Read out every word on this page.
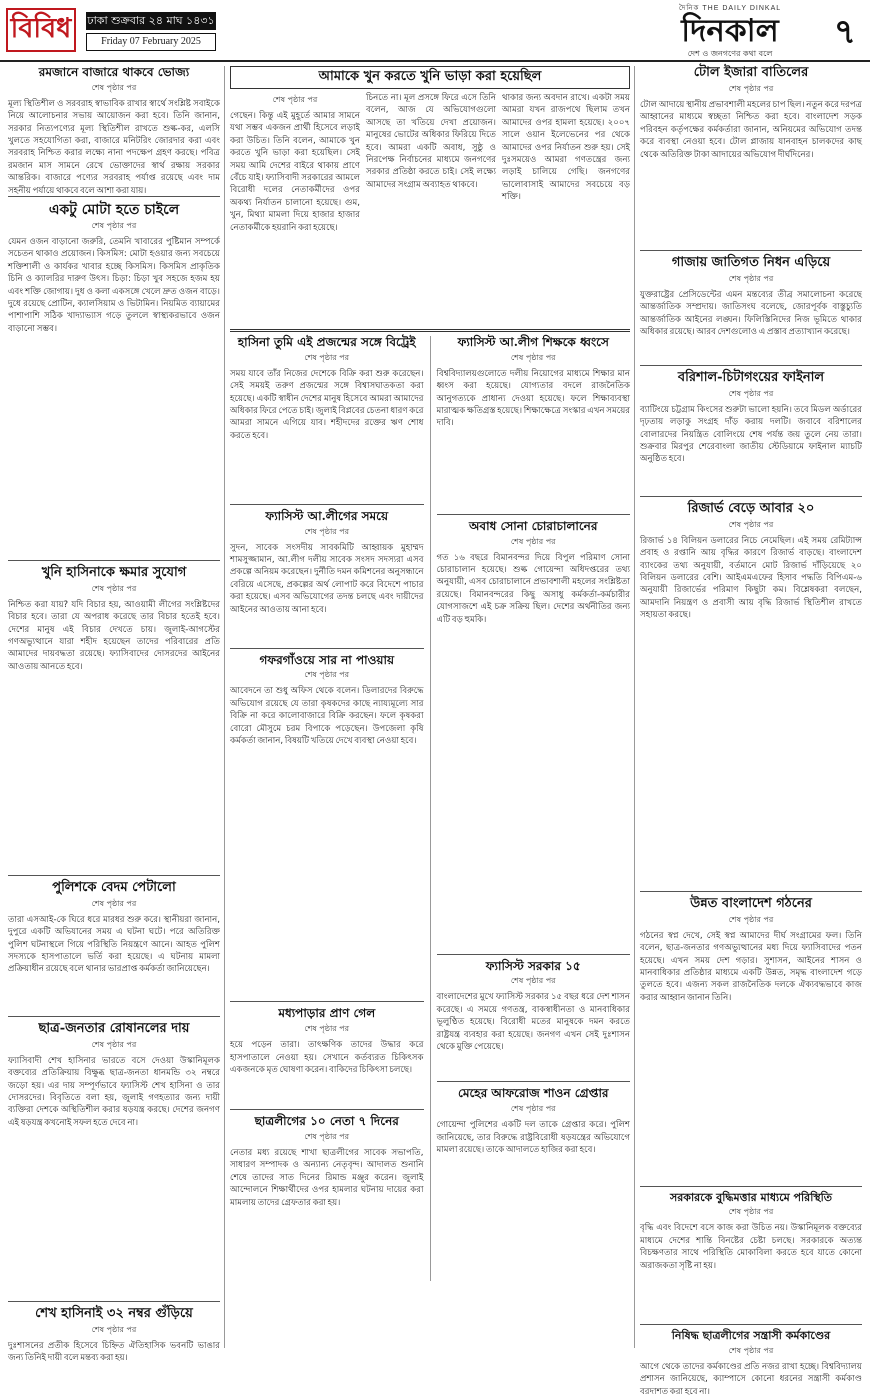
বিবিধ	ঢাকা শুক্রবার ২৪ মাঘ ১৪৩১
Friday 07 February 2025
দৈনিক THE DAILY DINKAL
দিনকাল
দেশ ও জনগণের কথা বলে
৭
রমজানে বাজারে থাকবে ভোজ্য
শেষ পৃষ্ঠার পর
মূল্য স্থিতিশীল ও সরবরাহ স্বাভাবিক রাখার স্বার্থে সংশ্লিষ্ট সবাইকে নিয়ে আলোচনার সভায় আয়োজন করা হবে। তিনি জানান, সরকার নিত্যপণ্যের মূল্য স্থিতিশীল রাখতে শুল্ক-কর, এলসি খুলতে সহযোগিতা করা, বাজারে মনিটরিং জোরদার করা এবং সরবরাহ নিশ্চিত করার লক্ষ্যে নানা পদক্ষেপ গ্রহণ করছে। পবিত্র রমজান মাস সামনে রেখে ভোক্তাদের স্বার্থ রক্ষায় সরকার আন্তরিক। বাজারে পণ্যের সরবরাহ পর্যাপ্ত রয়েছে এবং দাম সহনীয় পর্যায়ে থাকবে বলে আশা করা যায়।
একটু মোটা হতে চাইলে
শেষ পৃষ্ঠার পর
যেমন ওজন বাড়ানো জরুরি, তেমনি খাবারের পুষ্টিমান সম্পর্কে সচেতন থাকাও প্রয়োজন। কিসমিস: মোটা হওয়ার জন্য সবচেয়ে শক্তিশালী ও কার্যকর খাবার হচ্ছে কিসমিস। কিসমিস প্রাকৃতিক চিনি ও ক্যালরির দারুণ উৎস। চিড়া: চিড়া খুব সহজে হজম হয় এবং শক্তি জোগায়। দুধ ও কলা একসঙ্গে খেলে দ্রুত ওজন বাড়ে। দুধে রয়েছে প্রোটিন, ক্যালসিয়াম ও ভিটামিন। নিয়মিত ব্যায়ামের পাশাপাশি সঠিক খাদ্যাভ্যাস গড়ে তুললে স্বাস্থ্যকরভাবে ওজন বাড়ানো সম্ভব।
খুনি হাসিনাকে ক্ষমার সুযোগ
শেষ পৃষ্ঠার পর
নিশ্চিত করা যায়? যদি বিচার হয়, আওয়ামী লীগের সংশ্লিষ্টদের বিচার হবে। তারা যে অপরাধ করেছে তার বিচার হতেই হবে। দেশের মানুষ এই বিচার দেখতে চায়। জুলাই-আগস্টের গণঅভ্যুত্থানে যারা শহীদ হয়েছেন তাদের পরিবারের প্রতি আমাদের দায়বদ্ধতা রয়েছে। ফ্যাসিবাদের দোসরদের আইনের আওতায় আনতে হবে।
পুলিশকে বেদম পেটালো
শেষ পৃষ্ঠার পর
তারা এসআই-কে ঘিরে ধরে মারধর শুরু করে। স্থানীয়রা জানান, দুপুরে একটি অভিযানের সময় এ ঘটনা ঘটে। পরে অতিরিক্ত পুলিশ ঘটনাস্থলে গিয়ে পরিস্থিতি নিয়ন্ত্রণে আনে। আহত পুলিশ সদস্যকে হাসপাতালে ভর্তি করা হয়েছে। এ ঘটনায় মামলা প্রক্রিয়াধীন রয়েছে বলে থানার ভারপ্রাপ্ত কর্মকর্তা জানিয়েছেন।
ছাত্র-জনতার রোষানলের দায়
শেষ পৃষ্ঠার পর
ফ্যাসিবাদী শেখ হাসিনার ভারতে বসে দেওয়া উস্কানিমূলক বক্তব্যের প্রতিক্রিয়ায় বিক্ষুব্ধ ছাত্র-জনতা ধানমন্ডি ৩২ নম্বরে জড়ো হয়। এর দায় সম্পূর্ণভাবে ফ্যাসিস্ট শেখ হাসিনা ও তার দোসরদের। বিবৃতিতে বলা হয়, জুলাই গণহত্যার জন্য দায়ী ব্যক্তিরা দেশকে অস্থিতিশীল করার ষড়যন্ত্র করছে। দেশের জনগণ এই ষড়যন্ত্র কখনোই সফল হতে দেবে না।
শেখ হাসিনাই ৩২ নম্বর গুঁড়িয়ে
শেষ পৃষ্ঠার পর
দুঃশাসনের প্রতীক হিসেবে চিহ্নিত ঐতিহাসিক ভবনটি ভাঙার জন্য তিনিই দায়ী বলে মন্তব্য করা হয়।
আমাকে খুন করতে খুনি ভাড়া করা হয়েছিল
শেষ পৃষ্ঠার পর
গেছেন। কিন্তু এই মুহূর্তে আমার সামনে যথা সম্ভব একজন প্রার্থী হিসেবে লড়াই করা উচিত। তিনি বলেন, আমাকে খুন করতে খুনি ভাড়া করা হয়েছিল। সেই সময় আমি দেশের বাইরে থাকায় প্রাণে বেঁচে যাই। ফ্যাসিবাদী সরকারের আমলে বিরোধী দলের নেতাকর্মীদের ওপর অকথ্য নির্যাতন চালানো হয়েছে। গুম, খুন, মিথ্যা মামলা দিয়ে হাজার হাজার নেতাকর্মীকে হয়রানি করা হয়েছে।
চিনতে না। মূল প্রসঙ্গে ফিরে এসে তিনি বলেন, আজ যে অভিযোগগুলো আসছে তা খতিয়ে দেখা প্রয়োজন। মানুষের ভোটের অধিকার ফিরিয়ে দিতে হবে। আমরা একটি অবাধ, সুষ্ঠু ও নিরপেক্ষ নির্বাচনের মাধ্যমে জনগণের সরকার প্রতিষ্ঠা করতে চাই। সেই লক্ষ্যে আমাদের সংগ্রাম অব্যাহত থাকবে।
থাকার জন্য অবদান রাখে। একটা সময় আমরা যখন রাজপথে ছিলাম তখন আমাদের ওপর হামলা হয়েছে। ২০০৭ সালে ওয়ান ইলেভেনের পর থেকে আমাদের ওপর নির্যাতন শুরু হয়। সেই দুঃসময়েও আমরা গণতন্ত্রের জন্য লড়াই চালিয়ে গেছি। জনগণের ভালোবাসাই আমাদের সবচেয়ে বড় শক্তি।
হাসিনা তুমি এই প্রজন্মের সঙ্গে বিট্রেই
শেষ পৃষ্ঠার পর
সময় যাবে তাঁর নিজের দেশেকে বিক্রি করা শুরু করেছেন। সেই সময়ই তরুণ প্রজন্মের সঙ্গে বিশ্বাসঘাতকতা করা হয়েছে। একটি স্বাধীন দেশের মানুষ হিসেবে আমরা আমাদের অধিকার ফিরে পেতে চাই। জুলাই বিপ্লবের চেতনা ধারণ করে আমরা সামনে এগিয়ে যাব। শহীদদের রক্তের ঋণ শোধ করতে হবে।
ফ্যাসিস্ট আ.লীগের সময়ে
শেষ পৃষ্ঠার পর
সুদন, সাবেক সংসদীয় সাবকমিটি আহ্বায়ক মুহাম্মদ শামসুজ্জামান, আ.লীগ দলীয় সাবেক সংসদ সদস্যরা এসব প্রকল্পে অনিয়ম করেছেন। দুর্নীতি দমন কমিশনের অনুসন্ধানে বেরিয়ে এসেছে, প্রকল্পের অর্থ লোপাট করে বিদেশে পাচার করা হয়েছে। এসব অভিযোগের তদন্ত চলছে এবং দায়ীদের আইনের আওতায় আনা হবে।
গফরগাঁওয়ে সার না পাওয়ায়
শেষ পৃষ্ঠার পর
আবেদনে তা শুধু অফিস থেকে বলেন। ডিলারদের বিরুদ্ধে অভিযোগ রয়েছে যে তারা কৃষকদের কাছে ন্যায্যমূল্যে সার বিক্রি না করে কালোবাজারে বিক্রি করছেন। ফলে কৃষকরা বোরো মৌসুমে চরম বিপাকে পড়েছেন। উপজেলা কৃষি কর্মকর্তা জানান, বিষয়টি খতিয়ে দেখে ব্যবস্থা নেওয়া হবে।
মধ্যপাড়ার প্রাণ গেল
শেষ পৃষ্ঠার পর
হয়ে পড়েন তারা। তাৎক্ষণিক তাদের উদ্ধার করে হাসপাতালে নেওয়া হয়। সেখানে কর্তব্যরত চিকিৎসক একজনকে মৃত ঘোষণা করেন। বাকিদের চিকিৎসা চলছে।
ছাত্রলীগের ১০ নেতা ৭ দিনের
শেষ পৃষ্ঠার পর
নেতার মধ্য রয়েছে শাখা ছাত্রলীগের সাবেক সভাপতি, সাধারণ সম্পাদক ও অন্যান্য নেতৃবৃন্দ। আদালত শুনানি শেষে তাদের সাত দিনের রিমান্ড মঞ্জুর করেন। জুলাই আন্দোলনে শিক্ষার্থীদের ওপর হামলার ঘটনায় দায়ের করা মামলায় তাদের গ্রেফতার করা হয়।
ফ্যাসিস্ট আ.লীগ শিক্ষকে ধ্বংসে
শেষ পৃষ্ঠার পর
বিশ্ববিদ্যালয়গুলোতে দলীয় নিয়োগের মাধ্যমে শিক্ষার মান ধ্বংস করা হয়েছে। যোগ্যতার বদলে রাজনৈতিক আনুগত্যকে প্রাধান্য দেওয়া হয়েছে। ফলে শিক্ষাব্যবস্থা মারাত্মক ক্ষতিগ্রস্ত হয়েছে। শিক্ষাক্ষেত্রে সংস্কার এখন সময়ের দাবি।
অবাধ সোনা চোরাচালানের
শেষ পৃষ্ঠার পর
গত ১৬ বছরে বিমানবন্দর দিয়ে বিপুল পরিমাণ সোনা চোরাচালান হয়েছে। শুল্ক গোয়েন্দা অধিদপ্তরের তথ্য অনুযায়ী, এসব চোরাচালানে প্রভাবশালী মহলের সংশ্লিষ্টতা রয়েছে। বিমানবন্দরের কিছু অসাধু কর্মকর্তা-কর্মচারীর যোগসাজশে এই চক্র সক্রিয় ছিল। দেশের অর্থনীতির জন্য এটি বড় হুমকি।
ফ্যাসিস্ট সরকার ১৫
শেষ পৃষ্ঠার পর
বাংলাদেশের মুখে ফ্যাসিস্ট সরকার ১৫ বছর ধরে দেশ শাসন করেছে। এ সময়ে গণতন্ত্র, বাকস্বাধীনতা ও মানবাধিকার ভূলুণ্ঠিত হয়েছে। বিরোধী মতের মানুষকে দমন করতে রাষ্ট্রযন্ত্র ব্যবহার করা হয়েছে। জনগণ এখন সেই দুঃশাসন থেকে মুক্তি পেয়েছে।
মেহের আফরোজ শাওন গ্রেপ্তার
শেষ পৃষ্ঠার পর
গোয়েন্দা পুলিশের একটি দল তাকে গ্রেপ্তার করে। পুলিশ জানিয়েছে, তার বিরুদ্ধে রাষ্ট্রবিরোধী ষড়যন্ত্রের অভিযোগে মামলা রয়েছে। তাকে আদালতে হাজির করা হবে।
টোল ইজারা বাতিলের
শেষ পৃষ্ঠার পর
টোল আদায়ে স্থানীয় প্রভাবশালী মহলের চাপ ছিল। নতুন করে দরপত্র আহ্বানের মাধ্যমে স্বচ্ছতা নিশ্চিত করা হবে। বাংলাদেশ সড়ক পরিবহন কর্তৃপক্ষের কর্মকর্তারা জানান, অনিয়মের অভিযোগ তদন্ত করে ব্যবস্থা নেওয়া হবে। টোল প্লাজায় যানবাহন চালকদের কাছ থেকে অতিরিক্ত টাকা আদায়ের অভিযোগ দীর্ঘদিনের।
গাজায় জাতিগত নিধন এড়িয়ে
শেষ পৃষ্ঠার পর
যুক্তরাষ্ট্রের প্রেসিডেন্টের এমন মন্তব্যের তীব্র সমালোচনা করেছে আন্তর্জাতিক সম্প্রদায়। জাতিসংঘ বলেছে, জোরপূর্বক বাস্তুচ্যুতি আন্তর্জাতিক আইনের লঙ্ঘন। ফিলিস্তিনিদের নিজ ভূমিতে থাকার অধিকার রয়েছে। আরব দেশগুলোও এ প্রস্তাব প্রত্যাখ্যান করেছে।
বরিশাল-চিটাগংয়ের ফাইনাল
শেষ পৃষ্ঠার পর
ব্যাটিংয়ে চট্টগ্রাম কিংসের শুরুটা ভালো হয়নি। তবে মিডল অর্ডারের দৃঢ়তায় লড়াকু সংগ্রহ দাঁড় করায় দলটি। জবাবে বরিশালের বোলারদের নিয়ন্ত্রিত বোলিংয়ে শেষ পর্যন্ত জয় তুলে নেয় তারা। শুক্রবার মিরপুর শেরেবাংলা জাতীয় স্টেডিয়ামে ফাইনাল ম্যাচটি অনুষ্ঠিত হবে।
রিজার্ভ বেড়ে আবার ২০
শেষ পৃষ্ঠার পর
রিজার্ভ ১৪ বিলিয়ন ডলারের নিচে নেমেছিল। এই সময় রেমিট্যান্স প্রবাহ ও রপ্তানি আয় বৃদ্ধির কারণে রিজার্ভ বাড়ছে। বাংলাদেশ ব্যাংকের তথ্য অনুযায়ী, বর্তমানে মোট রিজার্ভ দাঁড়িয়েছে ২০ বিলিয়ন ডলারের বেশি। আইএমএফের হিসাব পদ্ধতি বিপিএম-৬ অনুযায়ী রিজার্ভের পরিমাণ কিছুটা কম। বিশ্লেষকরা বলছেন, আমদানি নিয়ন্ত্রণ ও প্রবাসী আয় বৃদ্ধি রিজার্ভ স্থিতিশীল রাখতে সহায়তা করছে।
উন্নত বাংলাদেশ গঠনের
শেষ পৃষ্ঠার পর
গঠনের স্বপ্ন দেখে, সেই স্বপ্ন আমাদের দীর্ঘ সংগ্রামের ফল। তিনি বলেন, ছাত্র-জনতার গণঅভ্যুত্থানের মধ্য দিয়ে ফ্যাসিবাদের পতন হয়েছে। এখন সময় দেশ গড়ার। সুশাসন, আইনের শাসন ও মানবাধিকার প্রতিষ্ঠার মাধ্যমে একটি উন্নত, সমৃদ্ধ বাংলাদেশ গড়ে তুলতে হবে। এজন্য সকল রাজনৈতিক দলকে ঐক্যবদ্ধভাবে কাজ করার আহ্বান জানান তিনি।
সরকারকে বুদ্ধিমত্তার মাধ্যমে পরিস্থিতি
শেষ পৃষ্ঠার পর
বৃদ্ধি এবং বিদেশে বসে কাজ করা উচিত নয়। উস্কানিমূলক বক্তব্যের মাধ্যমে দেশের শান্তি বিনষ্টের চেষ্টা চলছে। সরকারকে অত্যন্ত বিচক্ষণতার সাথে পরিস্থিতি মোকাবিলা করতে হবে যাতে কোনো অরাজকতা সৃষ্টি না হয়।
নিষিদ্ধ ছাত্রলীগের সন্ত্রাসী কর্মকাণ্ডের
শেষ পৃষ্ঠার পর
আগে থেকে তাদের কর্মকাণ্ডের প্রতি নজর রাখা হচ্ছে। বিশ্ববিদ্যালয় প্রশাসন জানিয়েছে, ক্যাম্পাসে কোনো ধরনের সন্ত্রাসী কর্মকাণ্ড বরদাশত করা হবে না।
